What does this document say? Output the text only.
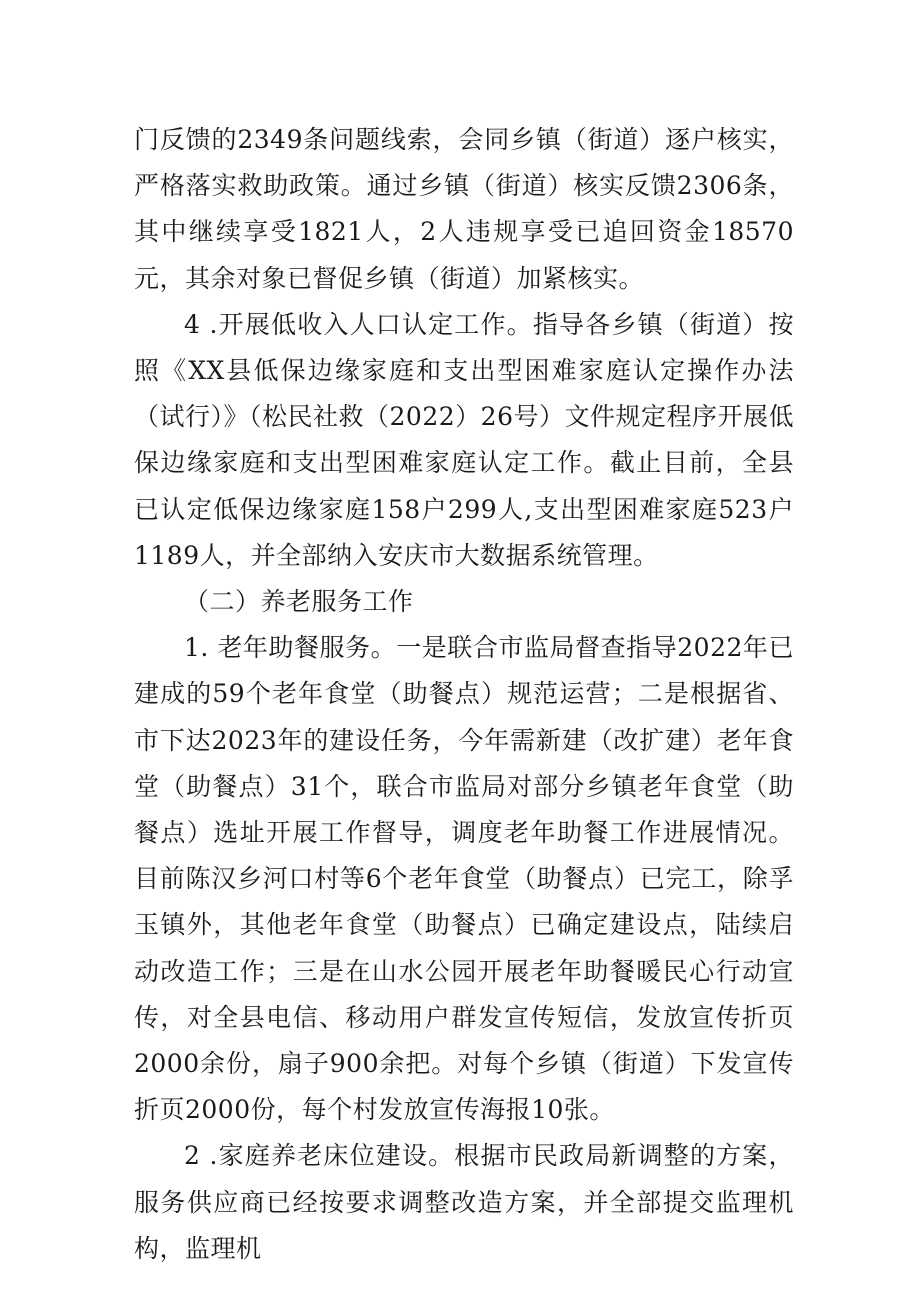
门反馈的2349条问题线索，会同乡镇（街道）逐户核实，严格落实救助政策。通过乡镇（街道）核实反馈2306条，其中继续享受1821人，2人违规享受已追回资金18570元，其余对象已督促乡镇（街道）加紧核实。

4 .开展低收入人口认定工作。指导各乡镇（街道）按照《XX县低保边缘家庭和支出型困难家庭认定操作办法（试行）》（松民社救（2022）26号）文件规定程序开展低保边缘家庭和支出型困难家庭认定工作。截止目前，全县已认定低保边缘家庭158户299人,支出型困难家庭523户1189人，并全部纳入安庆市大数据系统管理。

（二）养老服务工作

1. 老年助餐服务。一是联合市监局督查指导2022年已建成的59个老年食堂（助餐点）规范运营；二是根据省、市下达2023年的建设任务，今年需新建（改扩建）老年食堂（助餐点）31个，联合市监局对部分乡镇老年食堂（助餐点）选址开展工作督导，调度老年助餐工作进展情况。目前陈汉乡河口村等6个老年食堂（助餐点）已完工，除孚玉镇外，其他老年食堂（助餐点）已确定建设点，陆续启动改造工作；三是在山水公园开展老年助餐暖民心行动宣传，对全县电信、移动用户群发宣传短信，发放宣传折页2000余份，扇子900余把。对每个乡镇（街道）下发宣传折页2000份，每个村发放宣传海报10张。

2 .家庭养老床位建设。根据市民政局新调整的方案，服务供应商已经按要求调整改造方案，并全部提交监理机构，监理机
